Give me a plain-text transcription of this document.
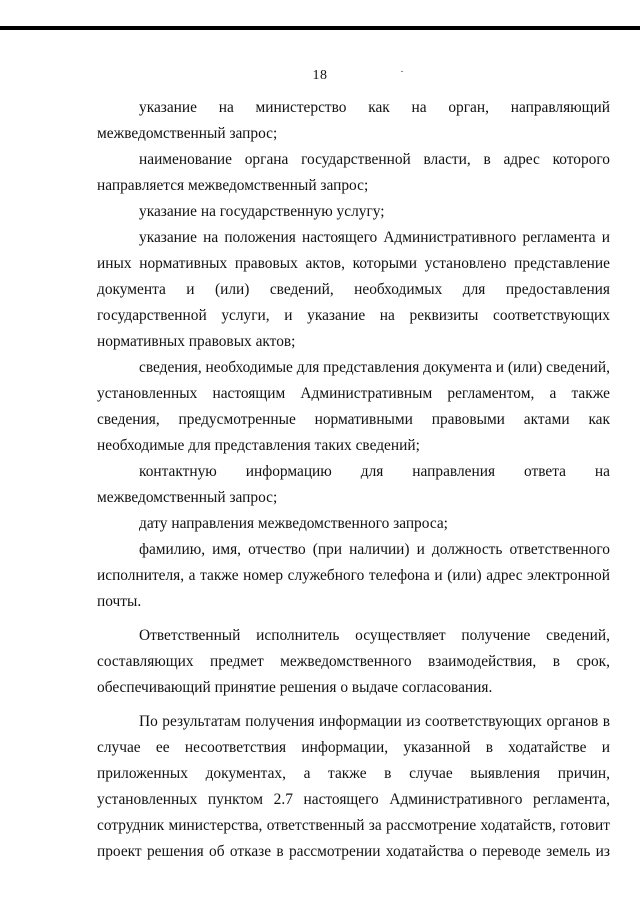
18

указание на министерство как на орган, направляющий межведомственный запрос;

наименование органа государственной власти, в адрес которого направляется межведомственный запрос;

указание на государственную услугу;

указание на положения настоящего Административного регламента и иных нормативных правовых актов, которыми установлено представление документа и (или) сведений, необходимых для предоставления государственной услуги, и указание на реквизиты соответствующих нормативных правовых актов;

сведения, необходимые для представления документа и (или) сведений, установленных настоящим Административным регламентом, а также сведения, предусмотренные нормативными правовыми актами как необходимые для представления таких сведений;

контактную информацию для направления ответа на межведомственный запрос;

дату направления межведомственного запроса;

фамилию, имя, отчество (при наличии) и должность ответственного исполнителя, а также номер служебного телефона и (или) адрес электронной почты.

Ответственный исполнитель осуществляет получение сведений, составляющих предмет межведомственного взаимодействия, в срок, обеспечивающий принятие решения о выдаче согласования.

По результатам получения информации из соответствующих органов в случае ее несоответствия информации, указанной в ходатайстве и приложенных документах, а также в случае выявления причин, установленных пунктом 2.7 настоящего Административного регламента, сотрудник министерства, ответственный за рассмотрение ходатайств, готовит проект решения об отказе в рассмотрении ходатайства о переводе земель из
